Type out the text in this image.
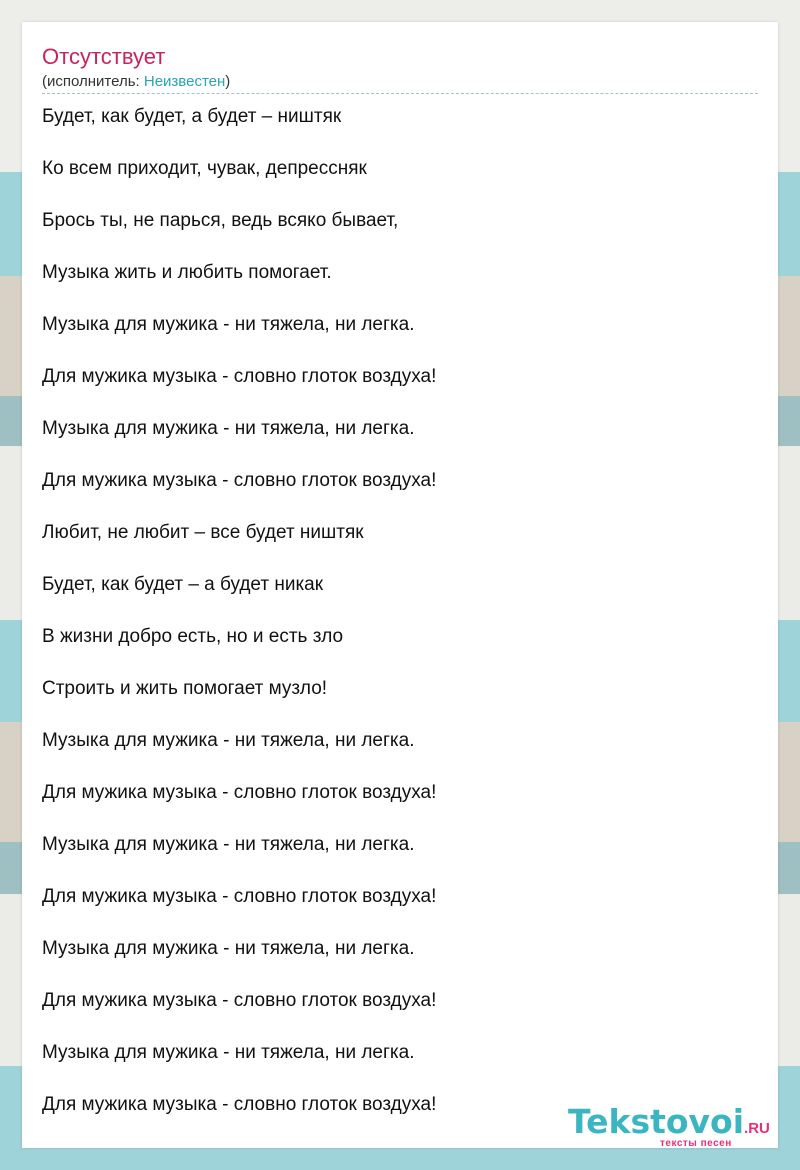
Отсутствует
(исполнитель: Неизвестен)
Будет, как будет, а будет – ништяк
Ко всем приходит, чувак, депрессняк
Брось ты, не парься, ведь всяко бывает,
Музыка жить и любить помогает.
Музыка для мужика - ни тяжела, ни легка.
Для мужика музыка - словно глоток воздуха!
Музыка для мужика - ни тяжела, ни легка.
Для мужика музыка - словно глоток воздуха!
Любит, не любит – все будет ништяк
Будет, как будет – а будет никак
В жизни добро есть, но и есть зло
Строить и жить помогает музло!
Музыка для мужика - ни тяжела, ни легка.
Для мужика музыка - словно глоток воздуха!
Музыка для мужика - ни тяжела, ни легка.
Для мужика музыка - словно глоток воздуха!
Музыка для мужика - ни тяжела, ни легка.
Для мужика музыка - словно глоток воздуха!
Музыка для мужика - ни тяжела, ни легка.
Для мужика музыка - словно глоток воздуха!	Tekstovoi.RU
тексты песен
